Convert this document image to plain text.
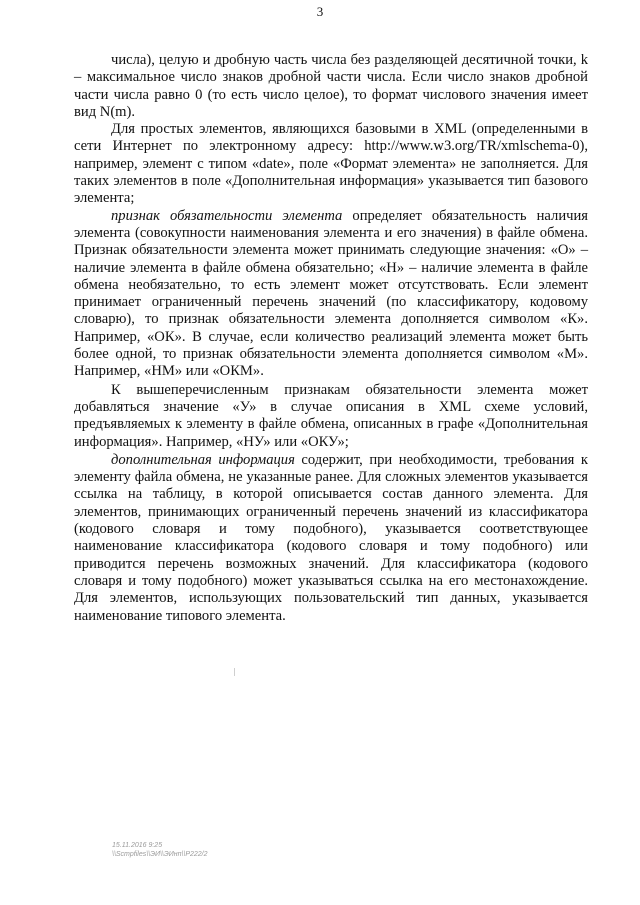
3

числа), целую и дробную часть числа без разделяющей десятичной точки, k – максимальное число знаков дробной части числа. Если число знаков дробной части числа равно 0 (то есть число целое), то формат числового значения имеет вид N(m).

Для простых элементов, являющихся базовыми в XML (определенными в сети Интернет по электронному адресу: http://www.w3.org/TR/xmlschema-0), например, элемент с типом «date», поле «Формат элемента» не заполняется. Для таких элементов в поле «Дополнительная информация» указывается тип базового элемента;

признак обязательности элемента определяет обязательность наличия элемента (совокупности наименования элемента и его значения) в файле обмена. Признак обязательности элемента может принимать следующие значения: «О» – наличие элемента в файле обмена обязательно; «Н» – наличие элемента в файле обмена необязательно, то есть элемент может отсутствовать. Если элемент принимает ограниченный перечень значений (по классификатору, кодовому словарю), то признак обязательности элемента дополняется символом «К». Например, «ОК». В случае, если количество реализаций элемента может быть более одной, то признак обязательности элемента дополняется символом «М». Например, «НМ» или «ОКМ».

К вышеперечисленным признакам обязательности элемента может добавляться значение «У» в случае описания в XML схеме условий, предъявляемых к элементу в файле обмена, описанных в графе «Дополнительная информация». Например, «НУ» или «ОКУ»;

дополнительная информация содержит, при необходимости, требования к элементу файла обмена, не указанные ранее. Для сложных элементов указывается ссылка на таблицу, в которой описывается состав данного элемента. Для элементов, принимающих ограниченный перечень значений из классификатора (кодового словаря и тому подобного), указывается соответствующее наименование классификатора (кодового словаря и тому подобного) или приводится перечень возможных значений. Для классификатора (кодового словаря и тому подобного) может указываться ссылка на его местонахождение. Для элементов, использующих пользовательский тип данных, указывается наименование типового элемента.

15.11.2016 9:25
\\Scmpfiles\\ЭИ\\ЭИнп\\Р222/2
